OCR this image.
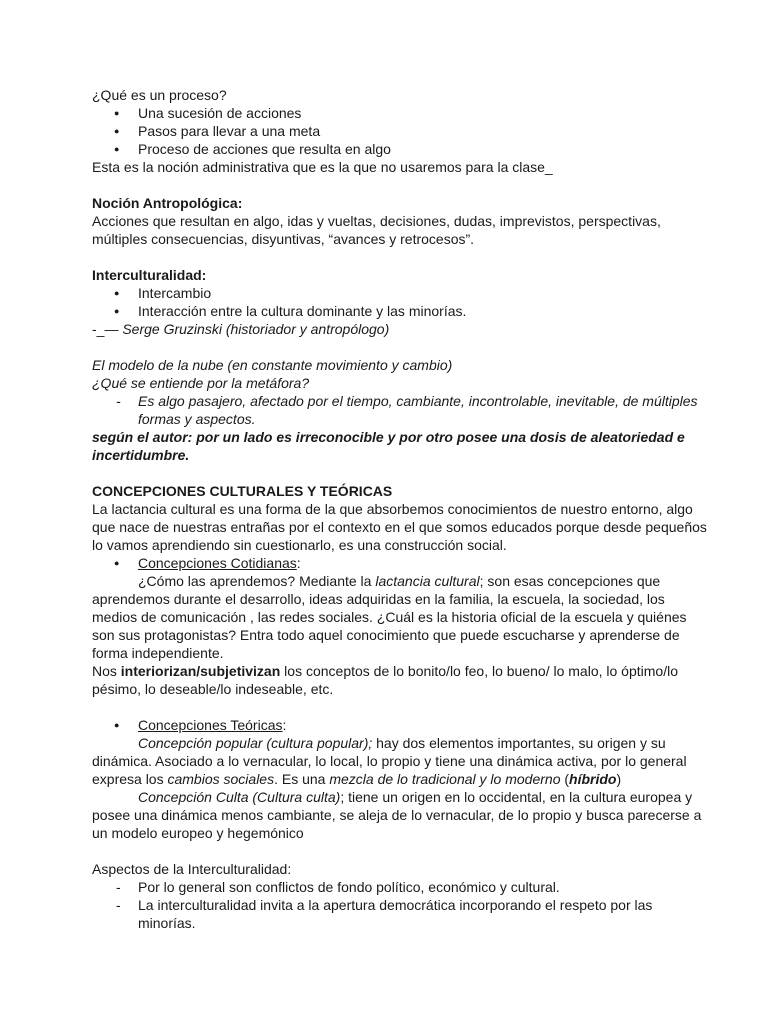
¿Qué es un proceso?

● Una sucesión de acciones
● Pasos para llevar a una meta
● Proceso de acciones que resulta en algo

Esta es la noción administrativa que es la que no usaremos para la clase_

Noción Antropológica:

Acciones que resultan en algo, idas y vueltas, decisiones, dudas, imprevistos, perspectivas, múltiples consecuencias, disyuntivas, “avances y retrocesos”.

Interculturalidad:

● Intercambio
● Interacción entre la cultura dominante y las minorías.

-_— Serge Gruzinski (historiador y antropólogo)

El modelo de la nube (en constante movimiento y cambio)

¿Qué se entiende por la metáfora?

- Es algo pasajero, afectado por el tiempo, cambiante, incontrolable, inevitable, de múltiples formas y aspectos.

según el autor: por un lado es irreconocible y por otro posee una dosis de aleatoriedad e incertidumbre.

CONCEPCIONES CULTURALES Y TEÓRICAS

La lactancia cultural es una forma de la que absorbemos conocimientos de nuestro entorno, algo que nace de nuestras entrañas por el contexto en el que somos educados porque desde pequeños lo vamos aprendiendo sin cuestionarlo, es una construcción social.

● Concepciones Cotidianas:

¿Cómo las aprendemos? Mediante la lactancia cultural; son esas concepciones que aprendemos durante el desarrollo, ideas adquiridas en la familia, la escuela, la sociedad, los medios de comunicación , las redes sociales. ¿Cuál es la historia oficial de la escuela y quiénes son sus protagonistas? Entra todo aquel conocimiento que puede escucharse y aprenderse de forma independiente.

Nos interiorizan/subjetivizan los conceptos de lo bonito/lo feo, lo bueno/ lo malo, lo óptimo/lo pésimo, lo deseable/lo indeseable, etc.

● Concepciones Teóricas:

Concepción popular (cultura popular); hay dos elementos importantes, su origen y su dinámica. Asociado a lo vernacular, lo local, lo propio y tiene una dinámica activa, por lo general expresa los cambios sociales. Es una mezcla de lo tradicional y lo moderno (híbrido)

Concepción Culta (Cultura culta); tiene un origen en lo occidental, en la cultura europea y posee una dinámica menos cambiante, se aleja de lo vernacular, de lo propio y busca parecerse a un modelo europeo y hegemónico

Aspectos de la Interculturalidad:

- Por lo general son conflictos de fondo político, económico y cultural.
- La interculturalidad invita a la apertura democrática incorporando el respeto por las minorías.
